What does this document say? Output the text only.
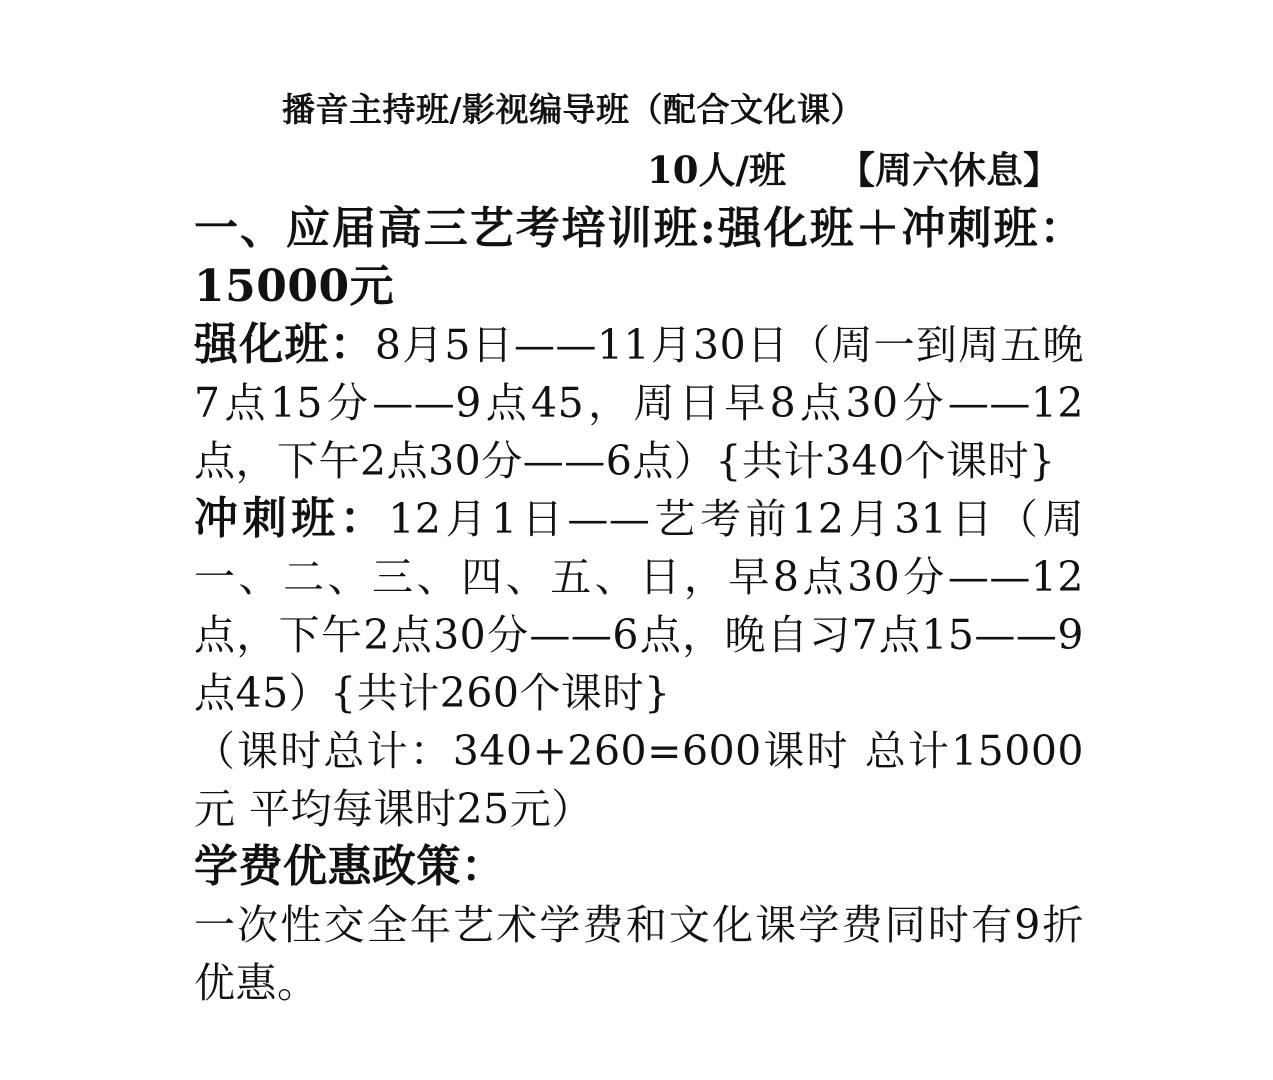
播音主持班/影视编导班（配合文化课）
10人/班 【周六休息】

一、应届高三艺考培训班:强化班＋冲刺班：15000元

强化班：8月5日——11月30日（周一到周五晚7点15分——9点45，周日早8点30分——12点，下午2点30分——6点）{共计340个课时}

冲刺班：12月1日——艺考前12月31日（周一、二、三、四、五、日，早8点30分——12点，下午2点30分——6点，晚自习7点15——9点45）{共计260个课时}

（课时总计：340+260=600课时 总计15000元 平均每课时25元）

学费优惠政策：

一次性交全年艺术学费和文化课学费同时有9折优惠。
